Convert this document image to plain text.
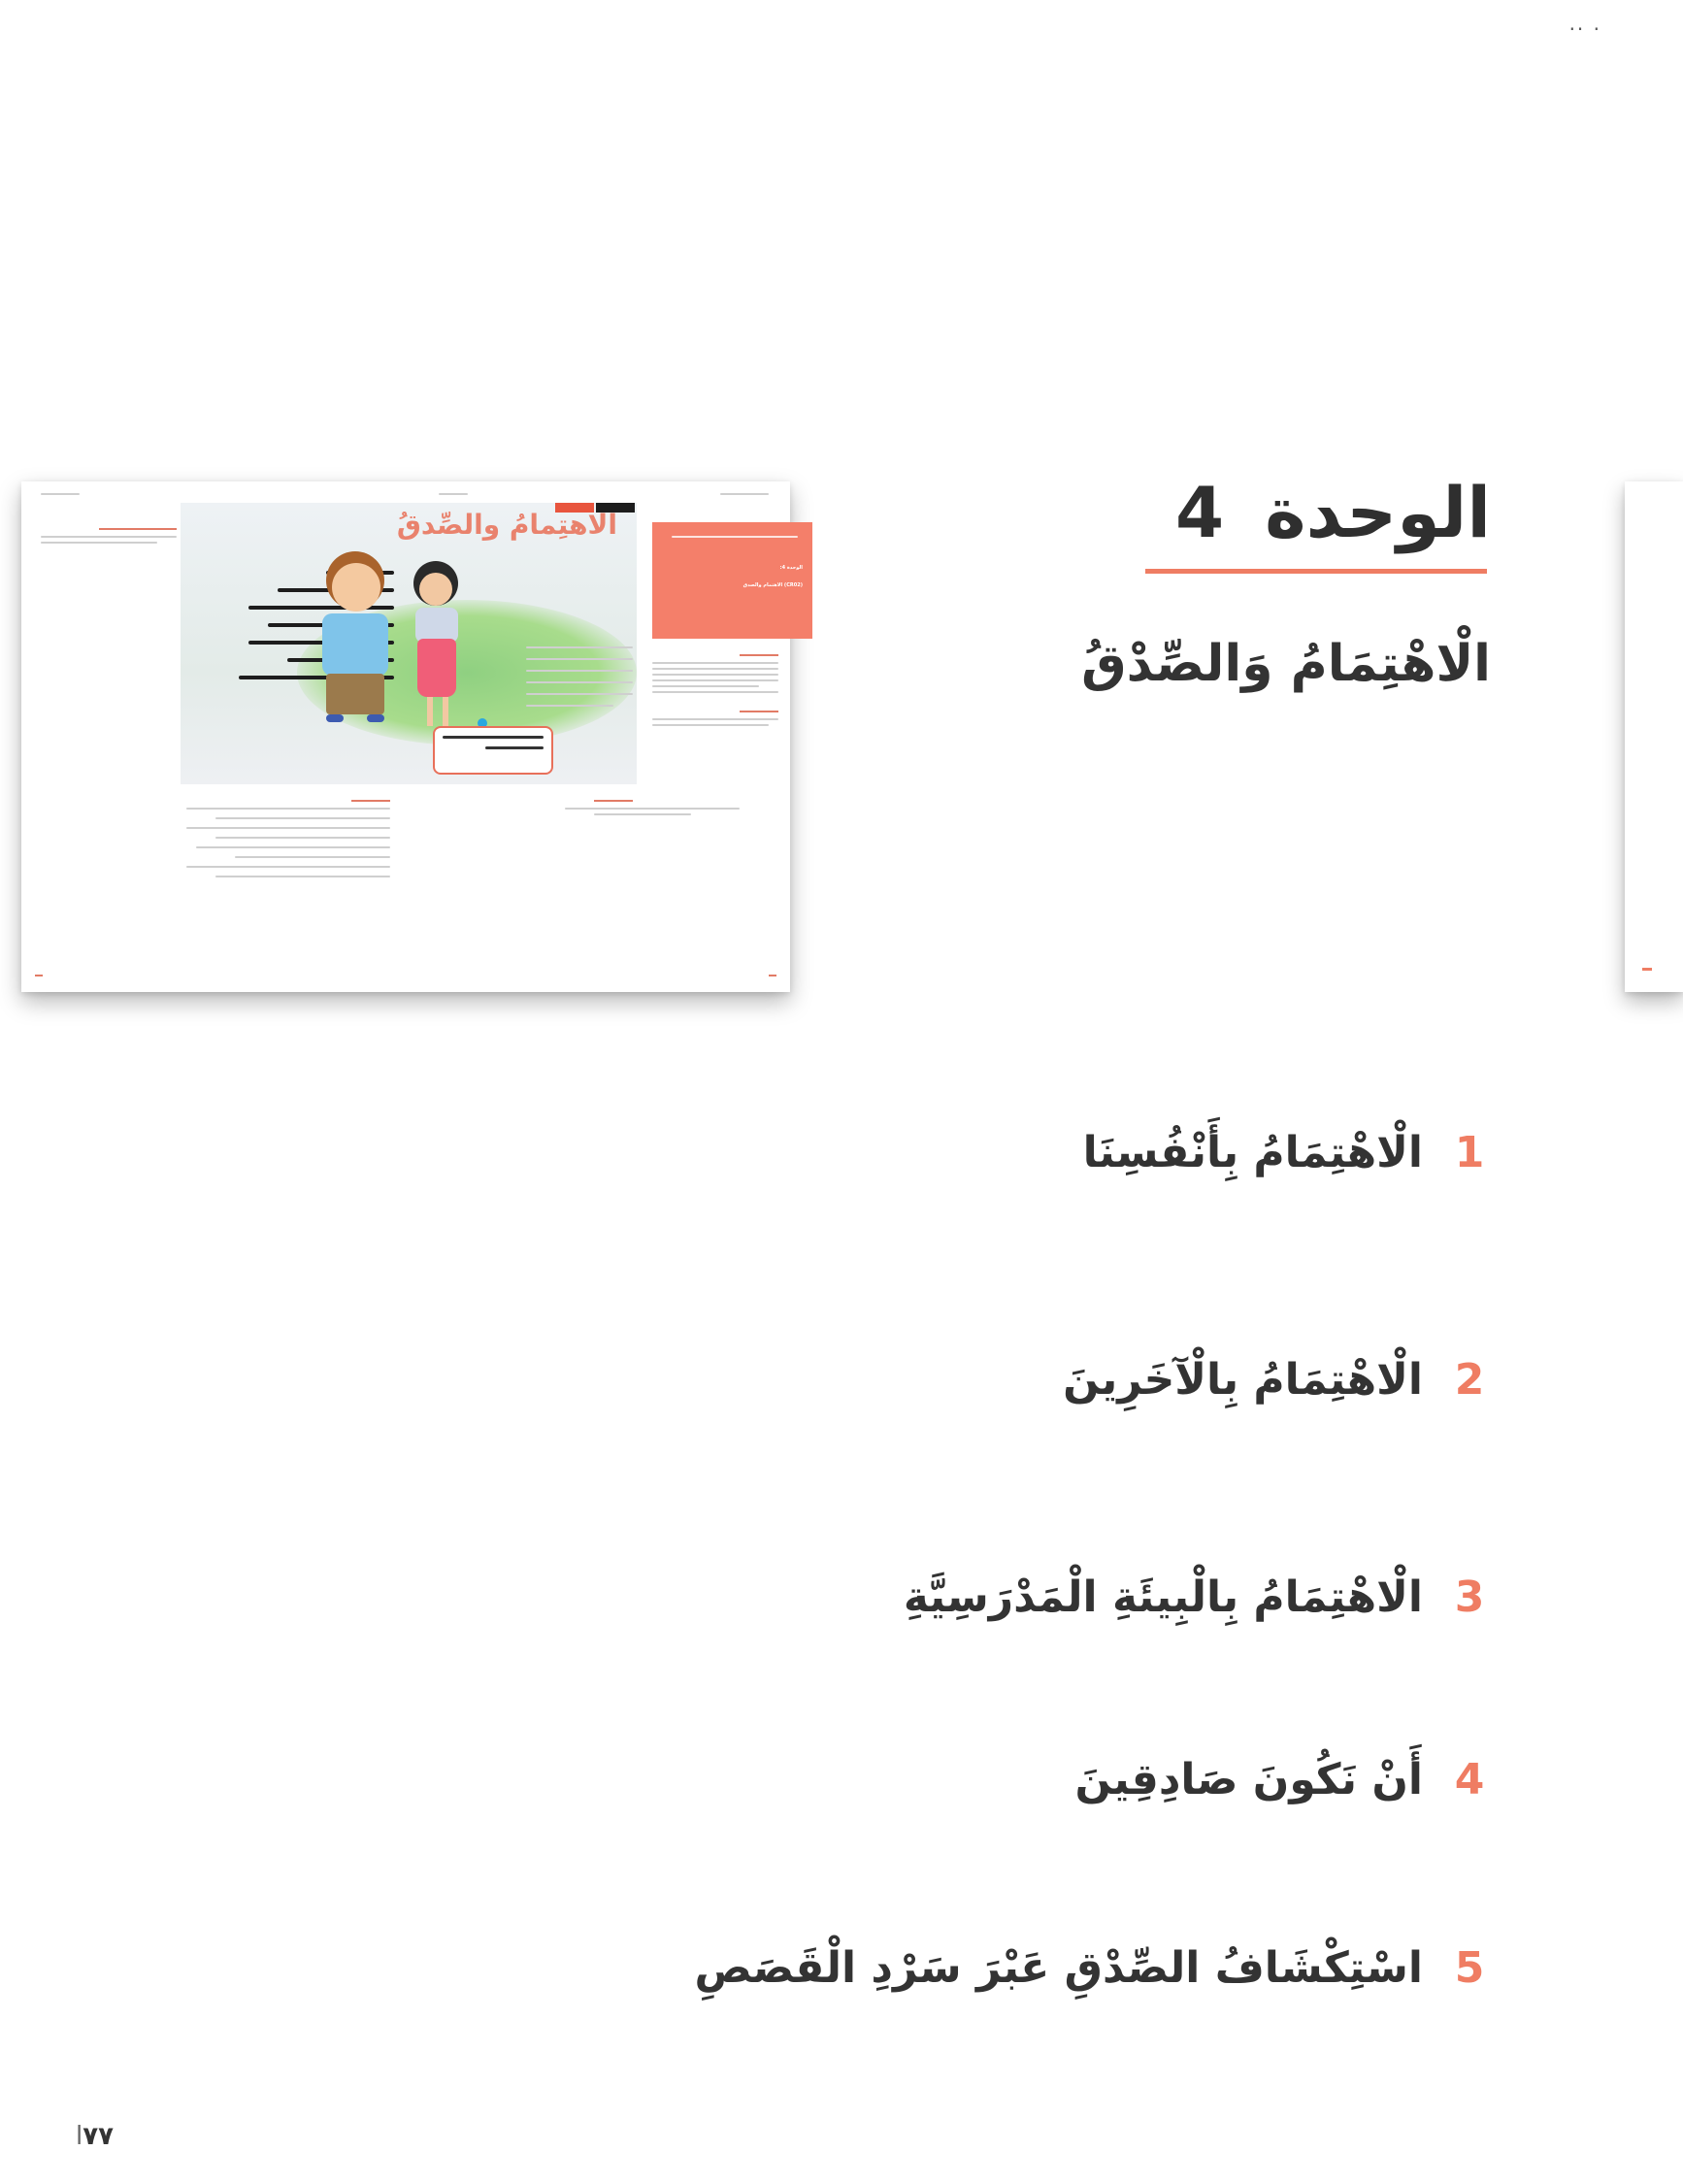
· ··
الوحدة 4:
(CR02) الاهتمام والصدق
الاهتِمامُ والصِّدقُ	الوحدة4
الْاهْتِمَامُ وَالصِّدْقُ
1
الْاهْتِمَامُ بِأَنْفُسِنَا
2
الْاهْتِمَامُ بِالْآخَرِينَ
3
الْاهْتِمَامُ بِالْبِيئَةِ الْمَدْرَسِيَّةِ
4
أَنْ نَكُونَ صَادِقِينَ
5
اسْتِكْشَافُ الصِّدْقِ عَبْرَ سَرْدِ الْقَصَصِ
٧٧ا
